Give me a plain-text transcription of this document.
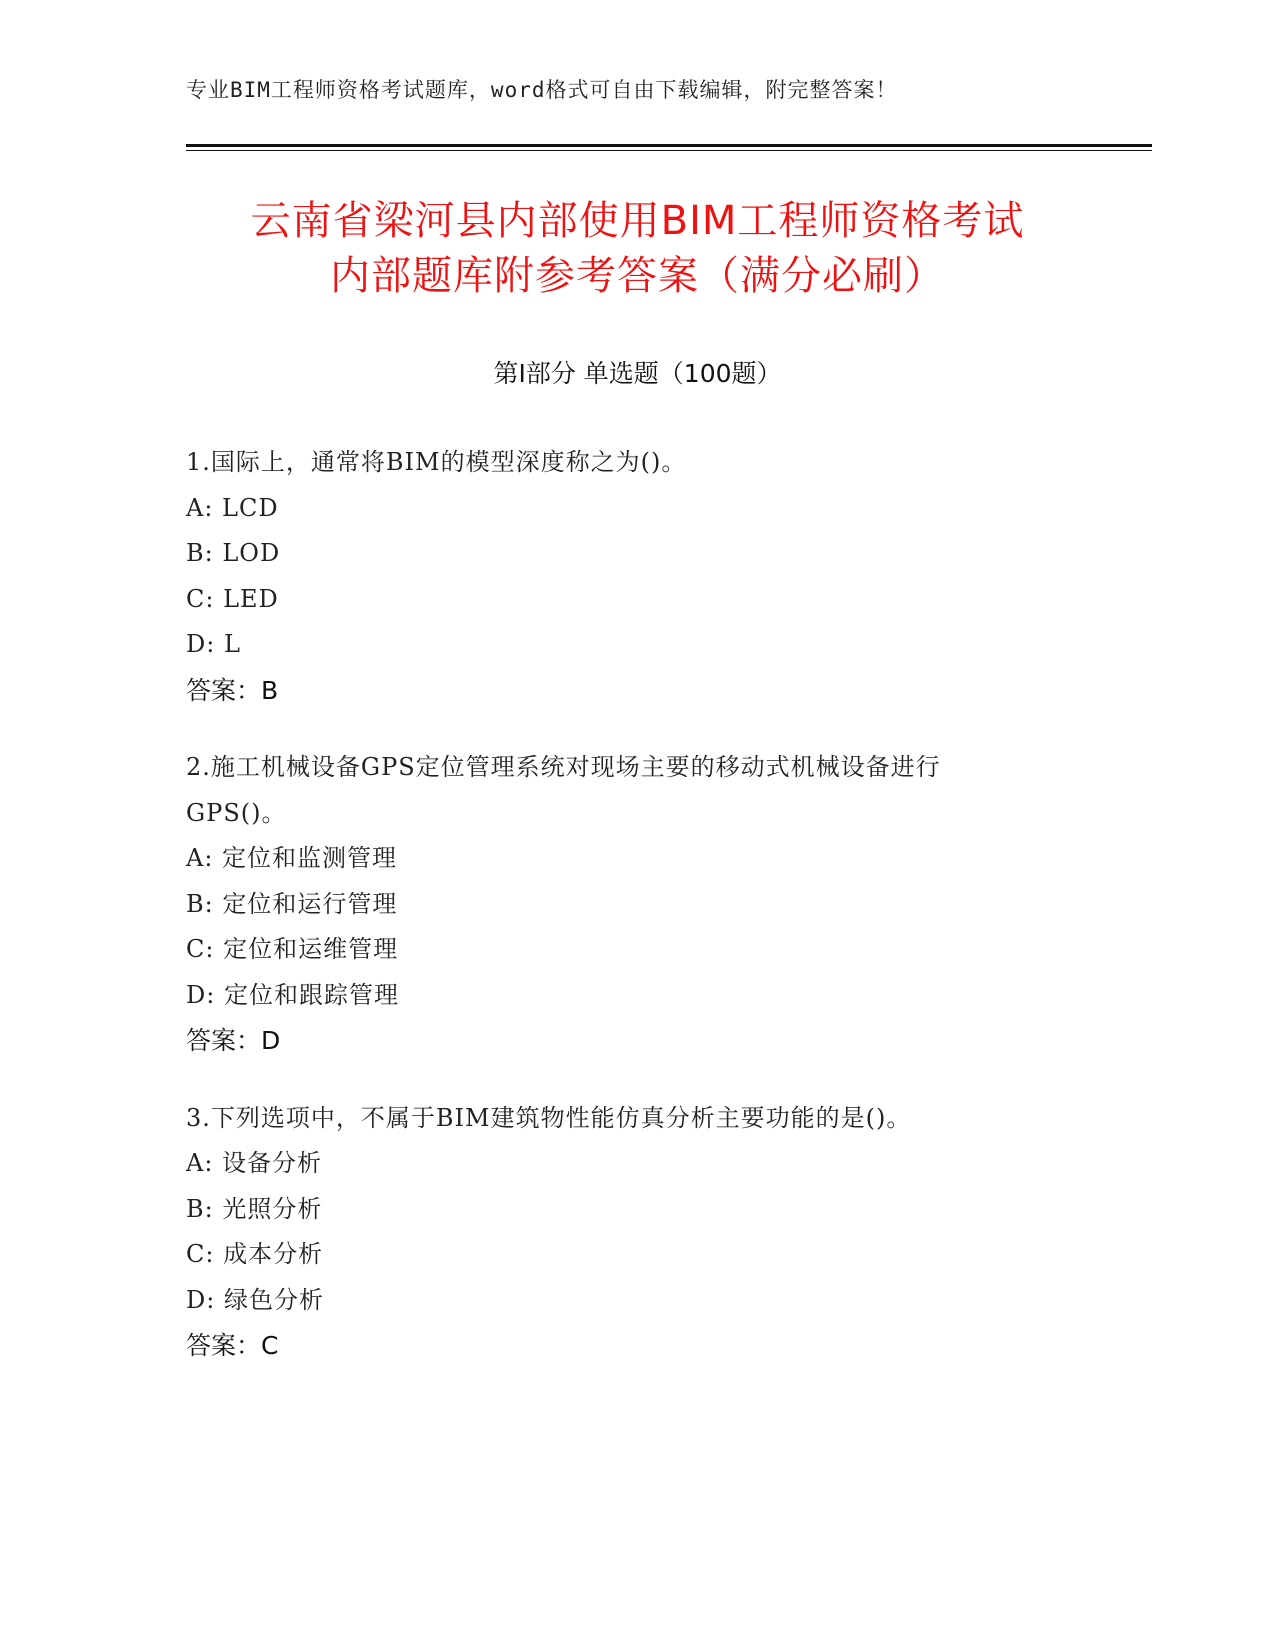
专业BIM工程师资格考试题库，word格式可自由下载编辑，附完整答案！
云南省梁河县内部使用BIM工程师资格考试
内部题库附参考答案（满分必刷）
第Ⅰ部分 单选题（100题）
1.国际上，通常将BIM的模型深度称之为()。
A: LCD
B: LOD
C: LED
D: L
答案：B
2.施工机械设备GPS定位管理系统对现场主要的移动式机械设备进行
GPS()。
A: 定位和监测管理
B: 定位和运行管理
C: 定位和运维管理
D: 定位和跟踪管理
答案：D
3.下列选项中，不属于BIM建筑物性能仿真分析主要功能的是()。
A: 设备分析
B: 光照分析
C: 成本分析
D: 绿色分析
答案：C
